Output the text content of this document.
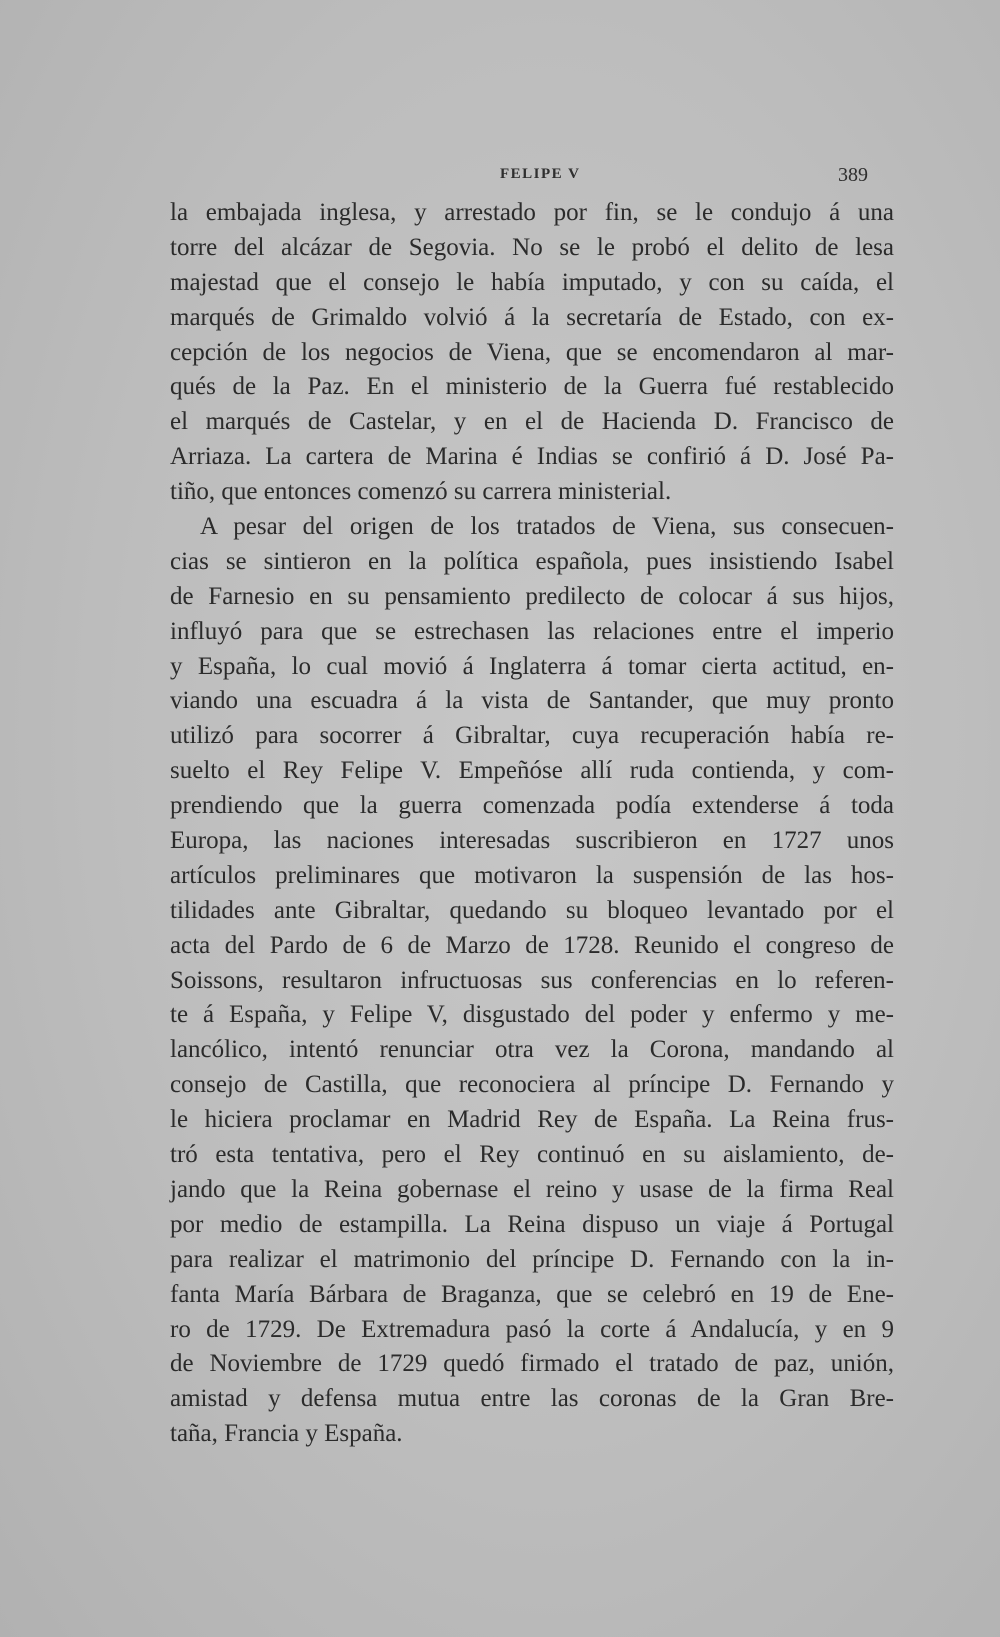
FELIPE V	389
la embajada inglesa, y arrestado por fin, se le condujo á una
torre del alcázar de Segovia. No se le probó el delito de lesa
majestad que el consejo le había imputado, y con su caída, el
marqués de Grimaldo volvió á la secretaría de Estado, con ex-
cepción de los negocios de Viena, que se encomendaron al mar-
qués de la Paz. En el ministerio de la Guerra fué restablecido
el marqués de Castelar, y en el de Hacienda D. Francisco de
Arriaza. La cartera de Marina é Indias se confirió á D. José Pa-
tiño, que entonces comenzó su carrera ministerial.
A pesar del origen de los tratados de Viena, sus consecuen-
cias se sintieron en la política española, pues insistiendo Isabel
de Farnesio en su pensamiento predilecto de colocar á sus hijos,
influyó para que se estrechasen las relaciones entre el imperio
y España, lo cual movió á Inglaterra á tomar cierta actitud, en-
viando una escuadra á la vista de Santander, que muy pronto
utilizó para socorrer á Gibraltar, cuya recuperación había re-
suelto el Rey Felipe V. Empeñóse allí ruda contienda, y com-
prendiendo que la guerra comenzada podía extenderse á toda
Europa, las naciones interesadas suscribieron en 1727 unos
artículos preliminares que motivaron la suspensión de las hos-
tilidades ante Gibraltar, quedando su bloqueo levantado por el
acta del Pardo de 6 de Marzo de 1728. Reunido el congreso de
Soissons, resultaron infructuosas sus conferencias en lo referen-
te á España, y Felipe V, disgustado del poder y enfermo y me-
lancólico, intentó renunciar otra vez la Corona, mandando al
consejo de Castilla, que reconociera al príncipe D. Fernando y
le hiciera proclamar en Madrid Rey de España. La Reina frus-
tró esta tentativa, pero el Rey continuó en su aislamiento, de-
jando que la Reina gobernase el reino y usase de la firma Real
por medio de estampilla. La Reina dispuso un viaje á Portugal
para realizar el matrimonio del príncipe D. Fernando con la in-
fanta María Bárbara de Braganza, que se celebró en 19 de Ene-
ro de 1729. De Extremadura pasó la corte á Andalucía, y en 9
de Noviembre de 1729 quedó firmado el tratado de paz, unión,
amistad y defensa mutua entre las coronas de la Gran Bre-
taña, Francia y España.
